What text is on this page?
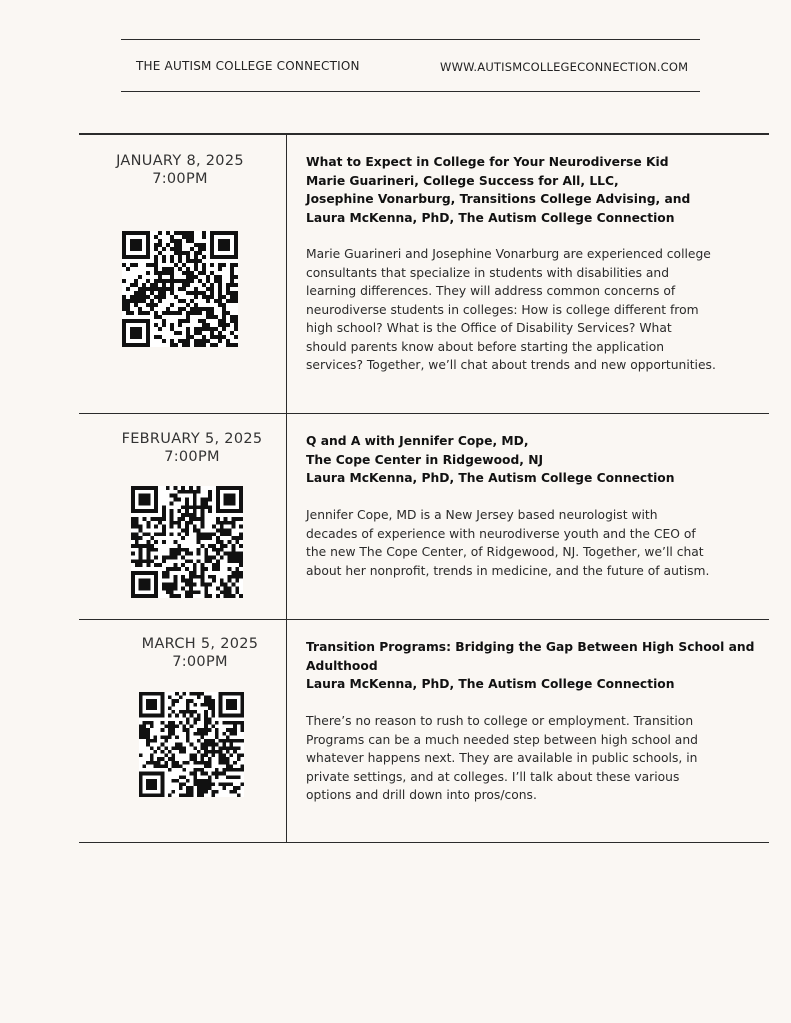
THE AUTISM COLLEGE CONNECTION	WWW.AUTISMCOLLEGECONNECTION.COM
JANUARY 8, 2025
7:00PM
What to Expect in College for Your Neurodiverse Kid
Marie Guarineri, College Success for All, LLC,
Josephine Vonarburg, Transitions College Advising, and
Laura McKenna, PhD, The Autism College Connection
Marie Guarineri and Josephine Vonarburg are experienced college
consultants that specialize in students with disabilities and
learning differences. They will address common concerns of
neurodiverse students in colleges: How is college different from
high school? What is the Office of Disability Services? What
should parents know about before starting the application
services? Together, we’ll chat about trends and new opportunities.
FEBRUARY 5, 2025
7:00PM
Q and A with Jennifer Cope, MD,
The Cope Center in Ridgewood, NJ
Laura McKenna, PhD, The Autism College Connection
Jennifer Cope, MD is a New Jersey based neurologist with
decades of experience with neurodiverse youth and the CEO of
the new The Cope Center, of Ridgewood, NJ. Together, we’ll chat
about her nonprofit, trends in medicine, and the future of autism.
MARCH 5, 2025
7:00PM
Transition Programs: Bridging the Gap Between High School and
Adulthood
Laura McKenna, PhD, The Autism College Connection
There’s no reason to rush to college or employment. Transition
Programs can be a much needed step between high school and
whatever happens next. They are available in public schools, in
private settings, and at colleges. I’ll talk about these various
options and drill down into pros/cons.
